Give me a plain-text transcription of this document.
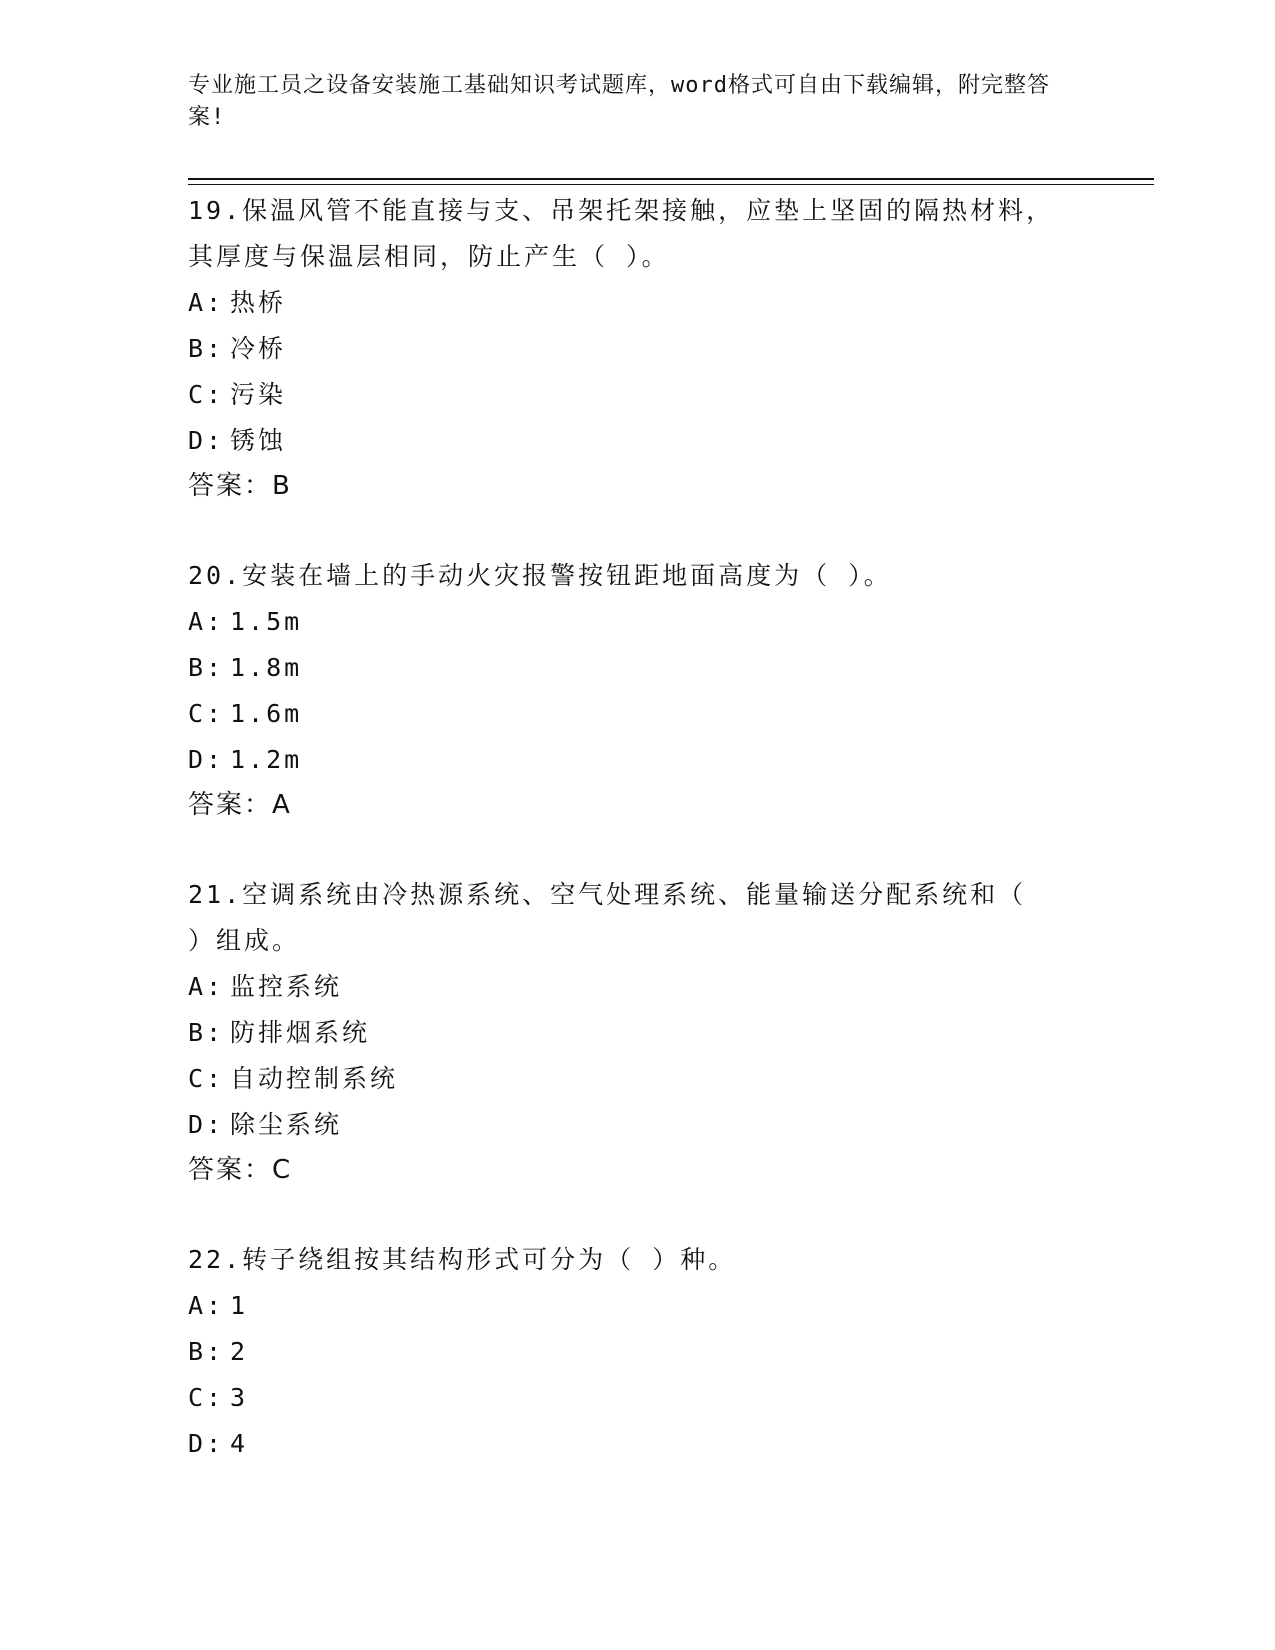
专业施工员之设备安装施工基础知识考试题库，word格式可自由下载编辑，附完整答案!
19.保温风管不能直接与支、吊架托架接触，应垫上坚固的隔热材料，
其厚度与保温层相同，防止产生（ ）。
A: 热桥
B: 冷桥
C: 污染
D: 锈蚀
答案：B
20.安装在墙上的手动火灾报警按钮距地面高度为（ ）。
A: 1.5m
B: 1.8m
C: 1.6m
D: 1.2m
答案：A
21.空调系统由冷热源系统、空气处理系统、能量输送分配系统和（
）组成。
A: 监控系统
B: 防排烟系统
C: 自动控制系统
D: 除尘系统
答案：C
22.转子绕组按其结构形式可分为（ ）种。
A: 1
B: 2
C: 3
D: 4
